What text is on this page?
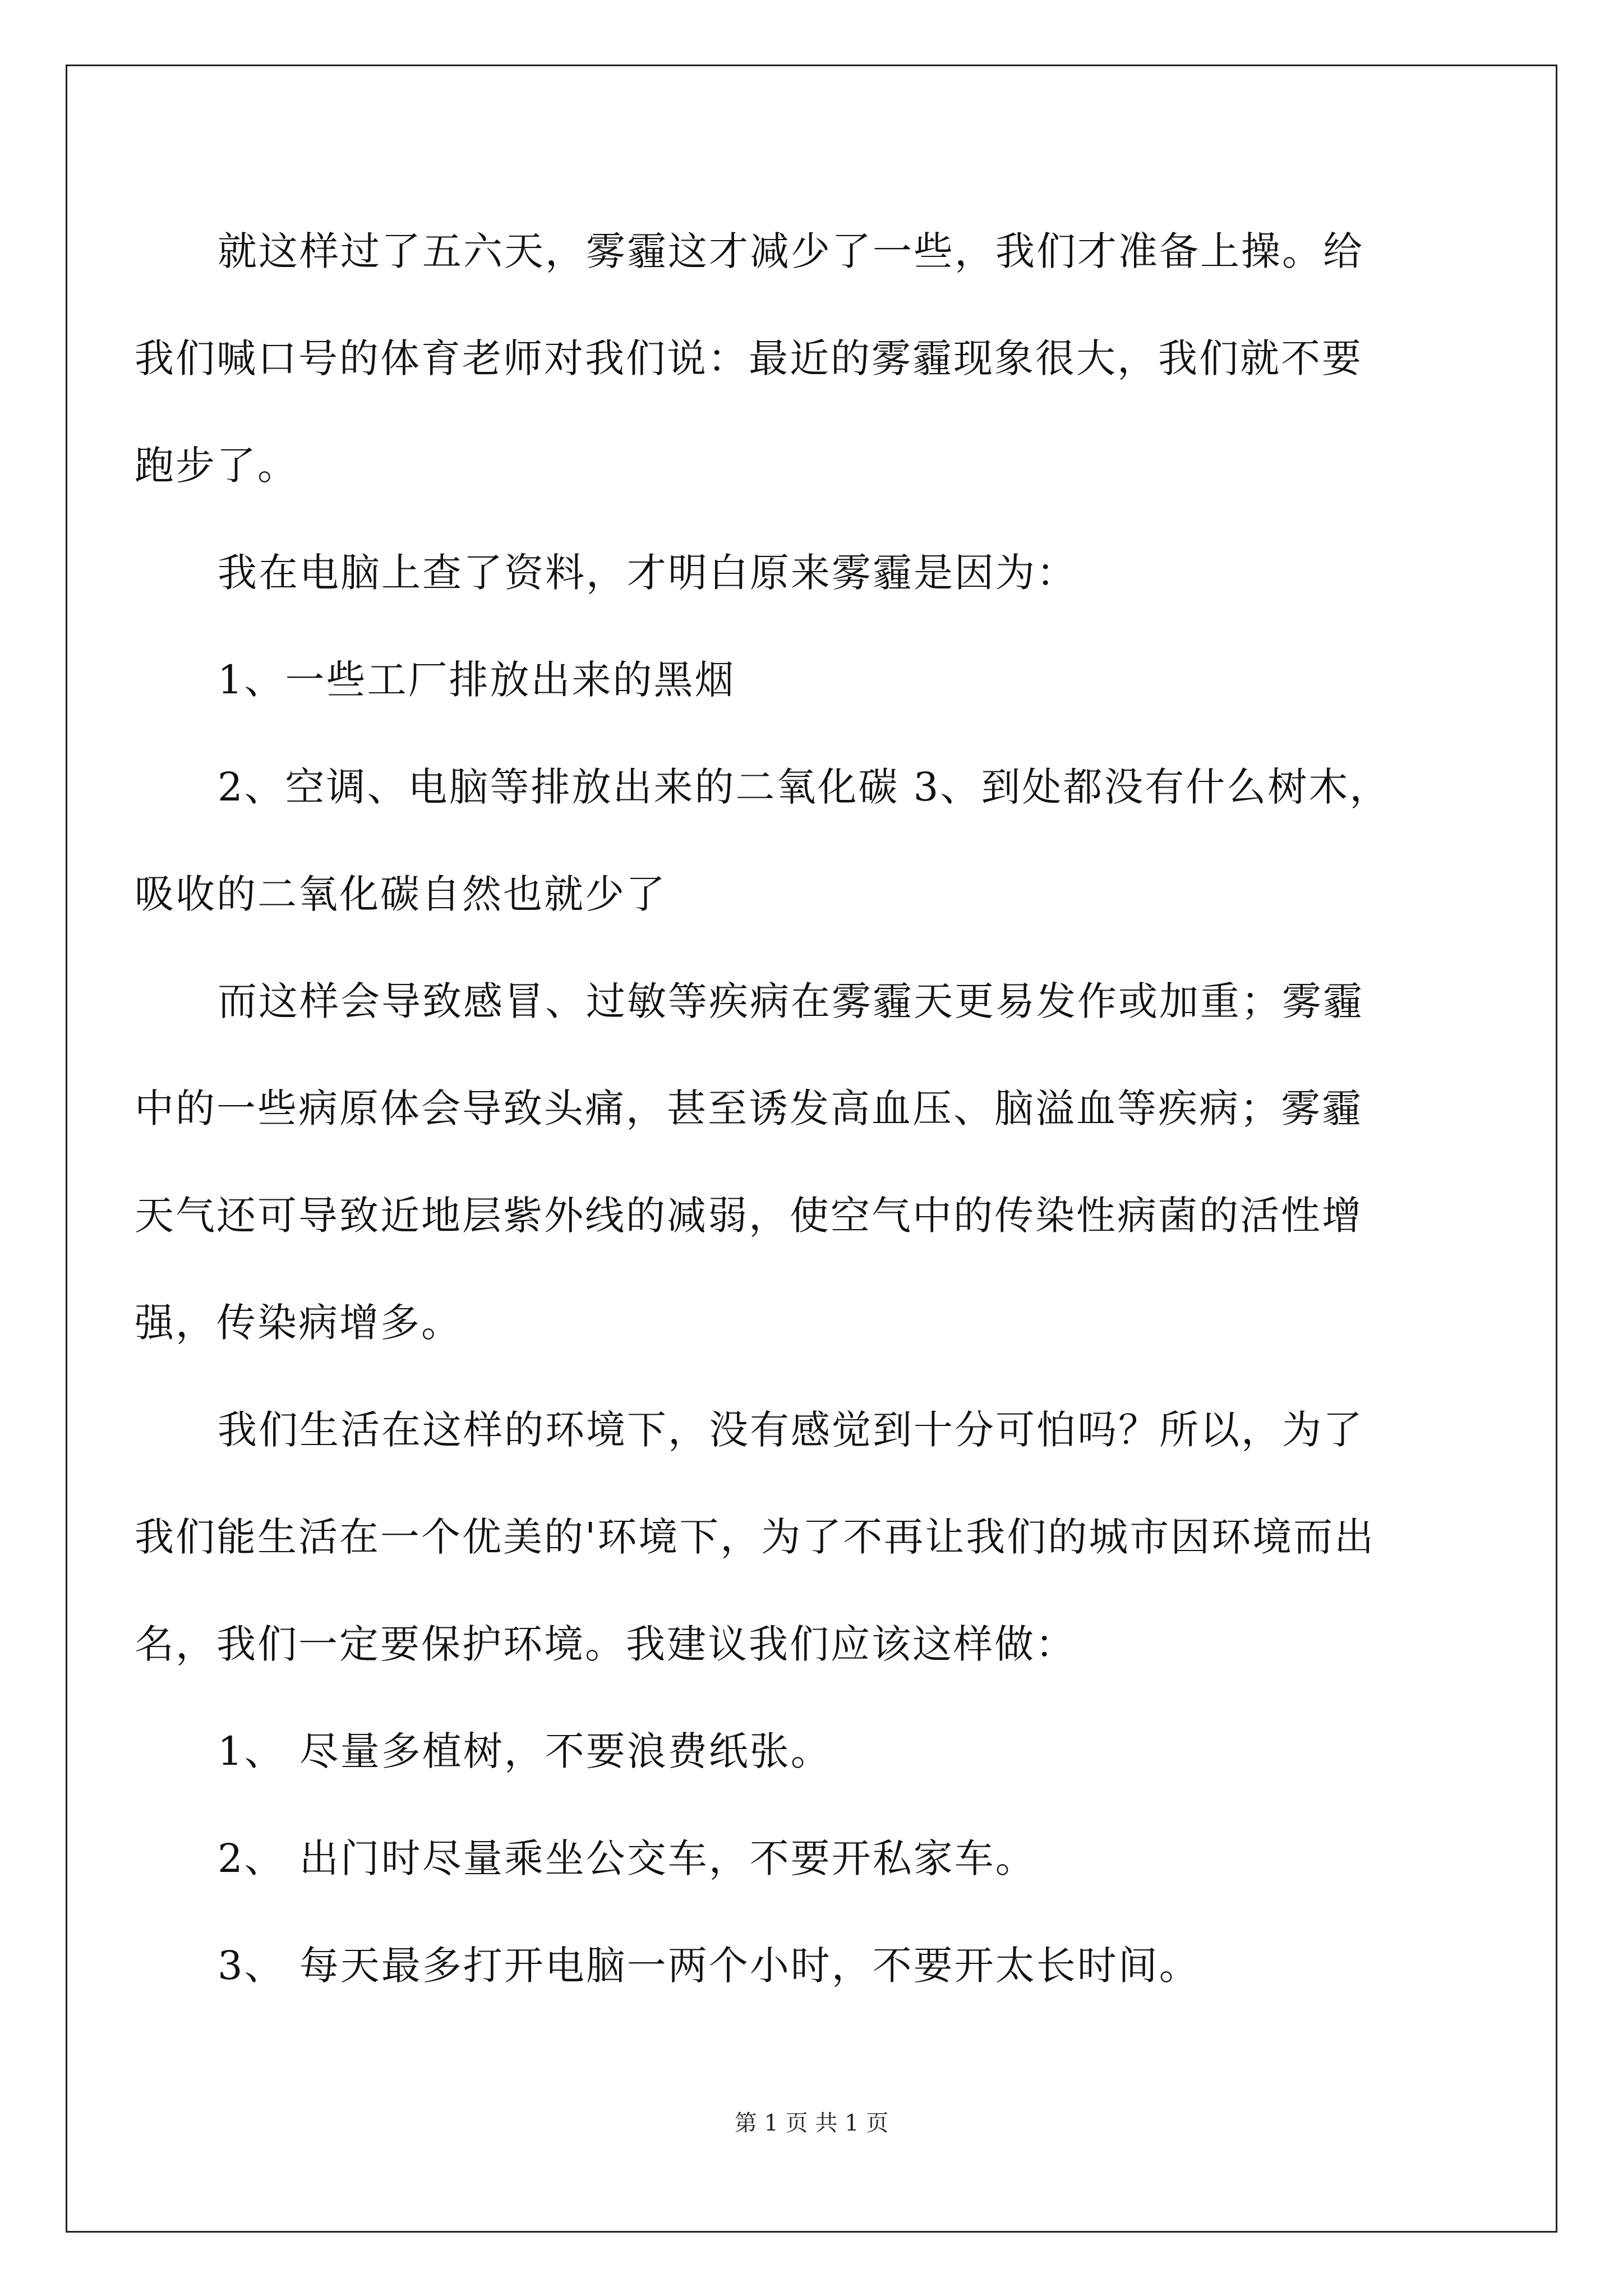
就这样过了五六天，雾霾这才减少了一些，我们才准备上操。给
我们喊口号的体育老师对我们说：最近的雾霾现象很大，我们就不要
跑步了。
我在电脑上查了资料，才明白原来雾霾是因为：
1、一些工厂排放出来的黑烟
2、空调、电脑等排放出来的二氧化碳 3、到处都没有什么树木，
吸收的二氧化碳自然也就少了
而这样会导致感冒、过敏等疾病在雾霾天更易发作或加重；雾霾
中的一些病原体会导致头痛，甚至诱发高血压、脑溢血等疾病；雾霾
天气还可导致近地层紫外线的减弱，使空气中的传染性病菌的活性增
强，传染病增多。
我们生活在这样的环境下，没有感觉到十分可怕吗？所以，为了
我们能生活在一个优美的'环境下，为了不再让我们的城市因环境而出
名，我们一定要保护环境。我建议我们应该这样做：
1、 尽量多植树，不要浪费纸张。
2、 出门时尽量乘坐公交车，不要开私家车。
3、 每天最多打开电脑一两个小时，不要开太长时间。
第 1 页 共 1 页
